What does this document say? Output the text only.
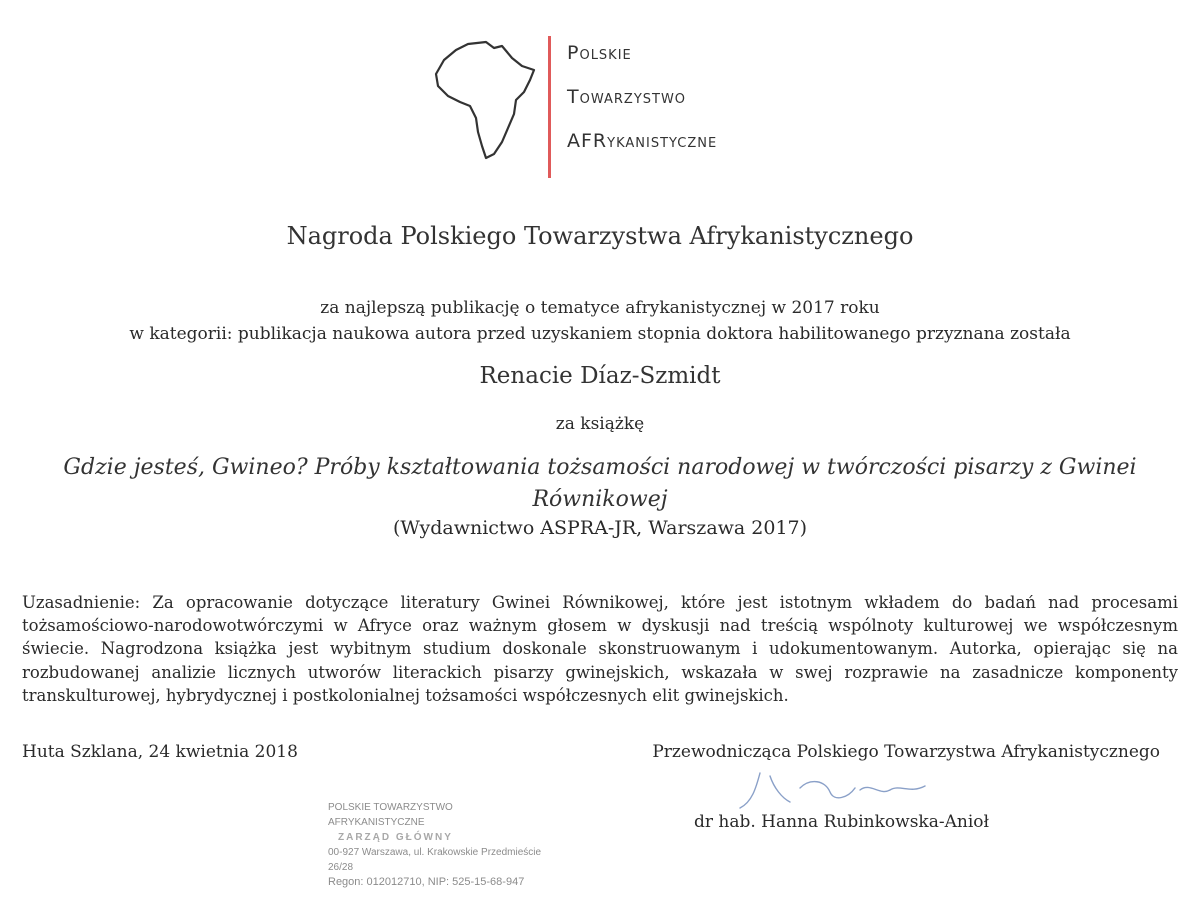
Polskie
Towarzystwo
AFRykanistyczne
Nagroda Polskiego Towarzystwa Afrykanistycznego
za najlepszą publikację o tematyce afrykanistycznej w 2017 roku
w kategorii: publikacja naukowa autora przed uzyskaniem stopnia doktora habilitowanego przyznana została
Renacie Díaz-Szmidt
za książkę
Gdzie jesteś, Gwineo? Próby kształtowania tożsamości narodowej w twórczości pisarzy z Gwinei Równikowej
(Wydawnictwo ASPRA-JR, Warszawa 2017)
Uzasadnienie: Za opracowanie dotyczące literatury Gwinei Równikowej, które jest istotnym wkładem do badań nad procesami tożsamościowo-narodowotwórczymi w Afryce oraz ważnym głosem w dyskusji nad treścią wspólnoty kulturowej we współczesnym świecie. Nagrodzona książka jest wybitnym studium doskonale skonstruowanym i udokumentowanym. Autorka, opierając się na rozbudowanej analizie licznych utworów literackich pisarzy gwinejskich, wskazała w swej rozprawie na zasadnicze komponenty transkulturowej, hybrydycznej i postkolonialnej tożsamości współczesnych elit gwinejskich.
Huta Szklana, 24 kwietnia 2018	Przewodnicząca Polskiego Towarzystwa Afrykanistycznego
dr hab. Hanna Rubinkowska-Anioł
POLSKIE TOWARZYSTWO AFRYKANISTYCZNE
ZARZĄD GŁÓWNY
00-927 Warszawa, ul. Krakowskie Przedmieście 26/28
Regon: 012012710, NIP: 525-15-68-947
